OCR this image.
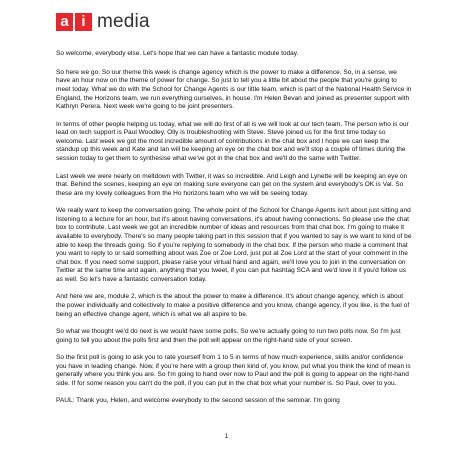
a i media

So welcome, everybody else. Let's hope that we can have a fantastic module today.

So here we go. So our theme this week is change agency which is the power to make a difference. So, in a sense, we have an hour now on the theme of power for change. So just to tell you a little bit about the people that you're going to meet today. What we do with the School for Change Agents is our little team, which is part of the National Health Service in England, the Horizons team, we run everything ourselves, in house. I'm Helen Bevan and joined as presenter support with Kathryn Perera. Next week we're going to be joint presenters.

In terms of other people helping us today, what we will do first of all is we will look at our tech team. The person who is our lead on tech support is Paul Woodley. Olly is troubleshooting with Steve. Steve joined us for the first time today so welcome. Last week we got the most incredible amount of contributions in the chat box and I hope we can keep the standup up this week and Kate and Ian will be keeping an eye on the chat box and we'll stop a couple of times during the session today to get them to synthesise what we've got in the chat box and we'll do the same with Twitter.

Last week we were nearly on meltdown with Twitter, it was so incredible. And Leigh and Lynette will be keeping an eye on that. Behind the scenes, keeping an eye on making sure everyone can get on the system and everybody's OK is Val. So these are my lovely colleagues from the Ho horizons team who we will be seeing today.

We really want to keep the conversation going. The whole point of the School for Change Agents isn't about just sitting and listening to a lecture for an hour, but it's about having conversations, it's about having connections. So please use the chat box to contribute. Last week we got an incredible number of ideas and resources from that chat box. I'm going to make it available to everybody. There's so many people taking part in this session that if you wanted to say is we want to kind of be able to keep the threads going. So if you're replying to somebody in the chat box. If the person who made a comment that you want to reply to or said something about was Zoe or Zoe Lord, just put at Zoe Lord at the start of your comment in the chat box. If you need some support, please raise your virtual hand and again, we'll love you to join in the conversation on Twitter at the same time and again, anything that you tweet, if you can put hashtag SCA and we'd love it if you'd follow us as well. So let's have a fantastic conversation today.

And here we are, module 2, which is the about the power to make a difference. It's about change agency, which is about the power individually and collectively to make a positive difference and you know, change agency, if you like, is the fuel of being an effective change agent, which is what we all aspire to be.

So what we thought we'd do next is we would have some polls. So we're actually going to run two polls now. So I'm just going to tell you about the polls first and then the poll will appear on the right-hand side of your screen.

So the first poll is going to ask you to rate yourself from 1 to 5 in terms of how much experience, skills and/or confidence you have in leading change. Now, if you're here with a group then kind of, you know, put what you think the kind of mean is generally where you think you are. So I'm going to hand over now to Paul and the poll is going to appear on the right-hand side. If for some reason you can't do the poll, if you can put in the chat box what your number is. So Paul, over to you.

PAUL: Thank you, Helen, and welcome everybody to the second session of the seminar. I'm going

1
